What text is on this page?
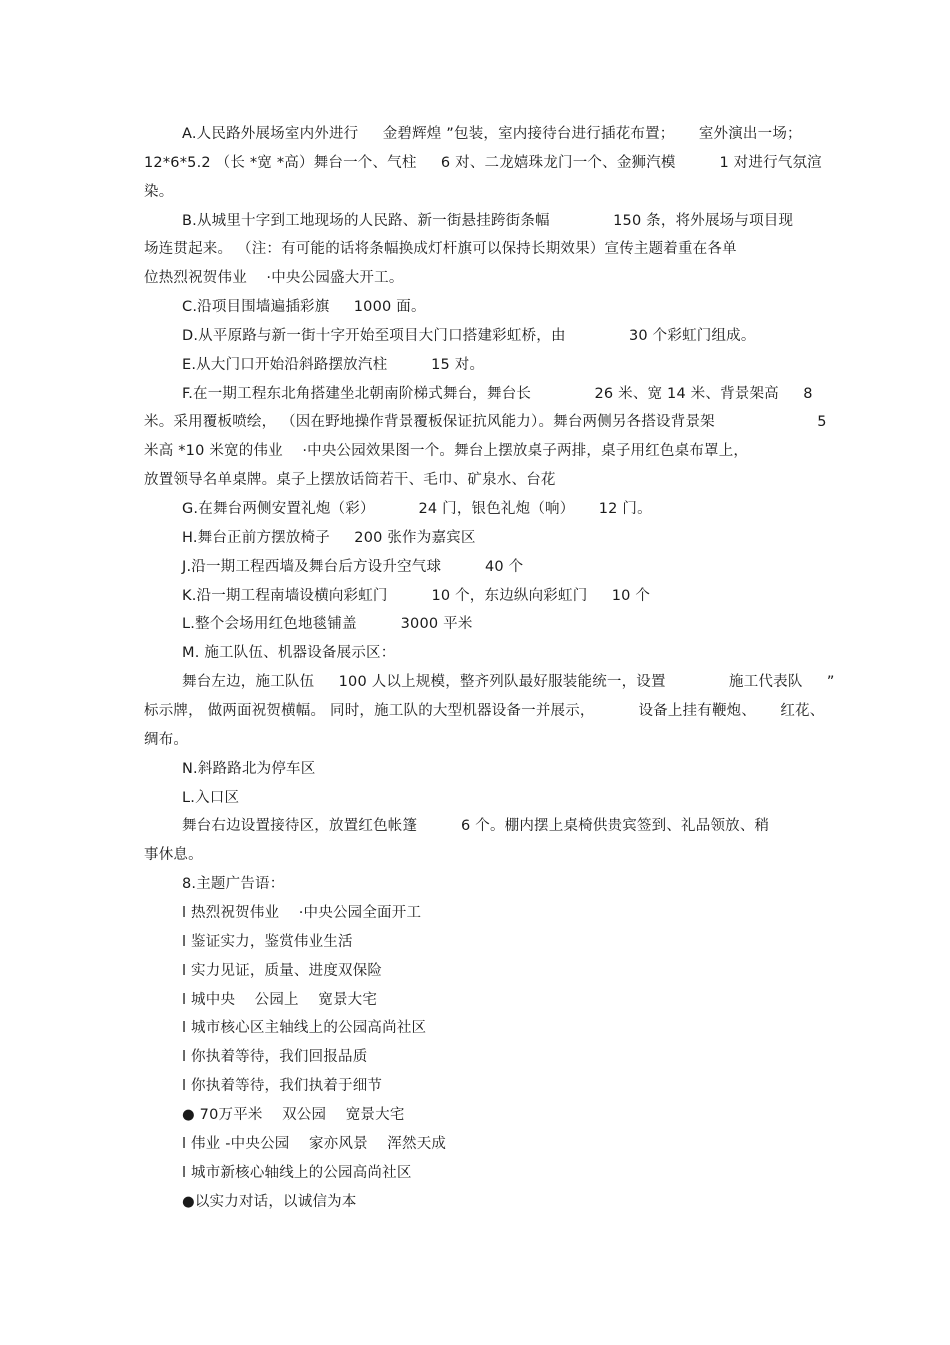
A.人民路外展场室内外进行 　 金碧辉煌 ”包装，室内接待台进行插花布置； 　 室外演出一场；
12*6*5.2 （长 *宽 *高）舞台一个、气柱 　 6 对、二龙嬉珠龙门一个、金狮汽模 　 　 1 对进行气氛渲
染。
B.从城里十字到工地现场的人民路、新一街悬挂跨街条幅 　 　 　 150 条，将外展场与项目现
场连贯起来。 （注：有可能的话将条幅换成灯杆旗可以保持长期效果）宣传主题着重在各单
位热烈祝贺伟业 　·中央公园盛大开工。
C.沿项目围墙遍插彩旗 　 1000 面。
D.从平原路与新一街十字开始至项目大门口搭建彩虹桥，由 　 　 　 30 个彩虹门组成。
E.从大门口开始沿斜路摆放汽柱 　 　 15 对。
F.在一期工程东北角搭建坐北朝南阶梯式舞台，舞台长 　 　 　 26 米、宽 14 米、背景架高 　 8
米。采用覆板喷绘， （因在野地操作背景覆板保证抗风能力）。舞台两侧另各搭设背景架 　 　 　 　 　 5
米高 *10 米宽的伟业 　·中央公园效果图一个。舞台上摆放桌子两排，桌子用红色桌布罩上，
放置领导名单桌牌。桌子上摆放话筒若干、毛巾、矿泉水、台花
G.在舞台两侧安置礼炮（彩） 　 　 24 门，银色礼炮（响） 　 12 门。
H.舞台正前方摆放椅子 　 200 张作为嘉宾区
J.沿一期工程西墙及舞台后方设升空气球 　 　 40 个
K.沿一期工程南墙设横向彩虹门 　 　 10 个，东边纵向彩虹门 　 10 个
L.整个会场用红色地毯铺盖 　 　 3000 平米
M. 施工队伍、机器设备展示区：
舞台左边，施工队伍 　 100 人以上规模，整齐列队最好服装能统一，设置 　 　 　 施工代表队 　 ”
标示牌， 做两面祝贺横幅。 同时，施工队的大型机器设备一并展示， 　 　 设备上挂有鞭炮、 　 红花、
绸布。
N.斜路路北为停车区
L.入口区
舞台右边设置接待区，放置红色帐篷 　 　 6 个。棚内摆上桌椅供贵宾签到、礼品领放、稍
事休息。
8.主题广告语：
l 热烈祝贺伟业 　·中央公园全面开工
l 鉴证实力，鉴赏伟业生活
l 实力见证，质量、进度双保险
l 城中央 　公园上 　宽景大宅
l 城市核心区主轴线上的公园高尚社区
l 你执着等待，我们回报品质
l 你执着等待，我们执着于细节
● 70万平米 　双公园 　宽景大宅
l 伟业 -中央公园 　家亦风景 　浑然天成
l 城市新核心轴线上的公园高尚社区
●以实力对话，以诚信为本
